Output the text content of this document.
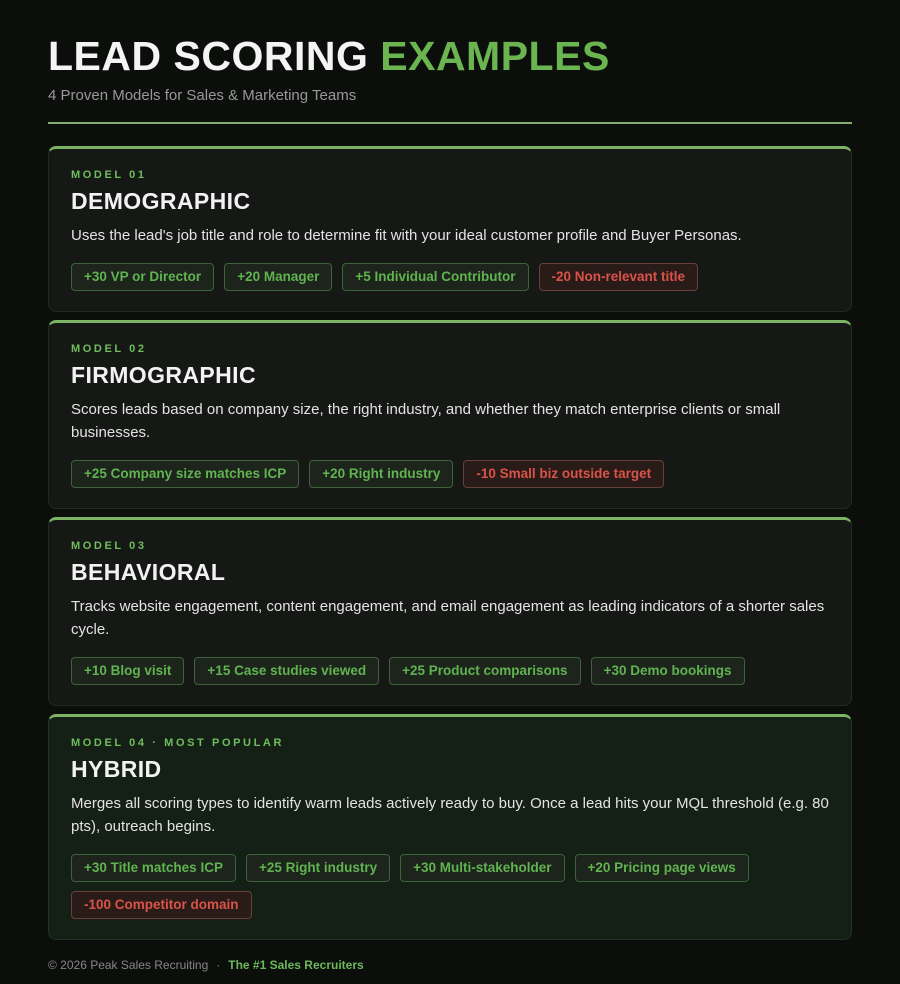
LEAD SCORING EXAMPLES
4 Proven Models for Sales & Marketing Teams
MODEL 01
DEMOGRAPHIC
Uses the lead's job title and role to determine fit with your ideal customer profile and Buyer Personas.
+30 VP or Director	+20 Manager	+5 Individual Contributor	-20 Non-relevant title
MODEL 02
FIRMOGRAPHIC
Scores leads based on company size, the right industry, and whether they match enterprise clients or small businesses.
+25 Company size matches ICP	+20 Right industry	-10 Small biz outside target
MODEL 03
BEHAVIORAL
Tracks website engagement, content engagement, and email engagement as leading indicators of a shorter sales cycle.
+10 Blog visit	+15 Case studies viewed	+25 Product comparisons	+30 Demo bookings
MODEL 04 · MOST POPULAR
HYBRID
Merges all scoring types to identify warm leads actively ready to buy. Once a lead hits your MQL threshold (e.g. 80 pts), outreach begins.
+30 Title matches ICP	+25 Right industry	+30 Multi-stakeholder	+20 Pricing page views
-100 Competitor domain
© 2026 Peak Sales Recruiting · The #1 Sales Recruiters
